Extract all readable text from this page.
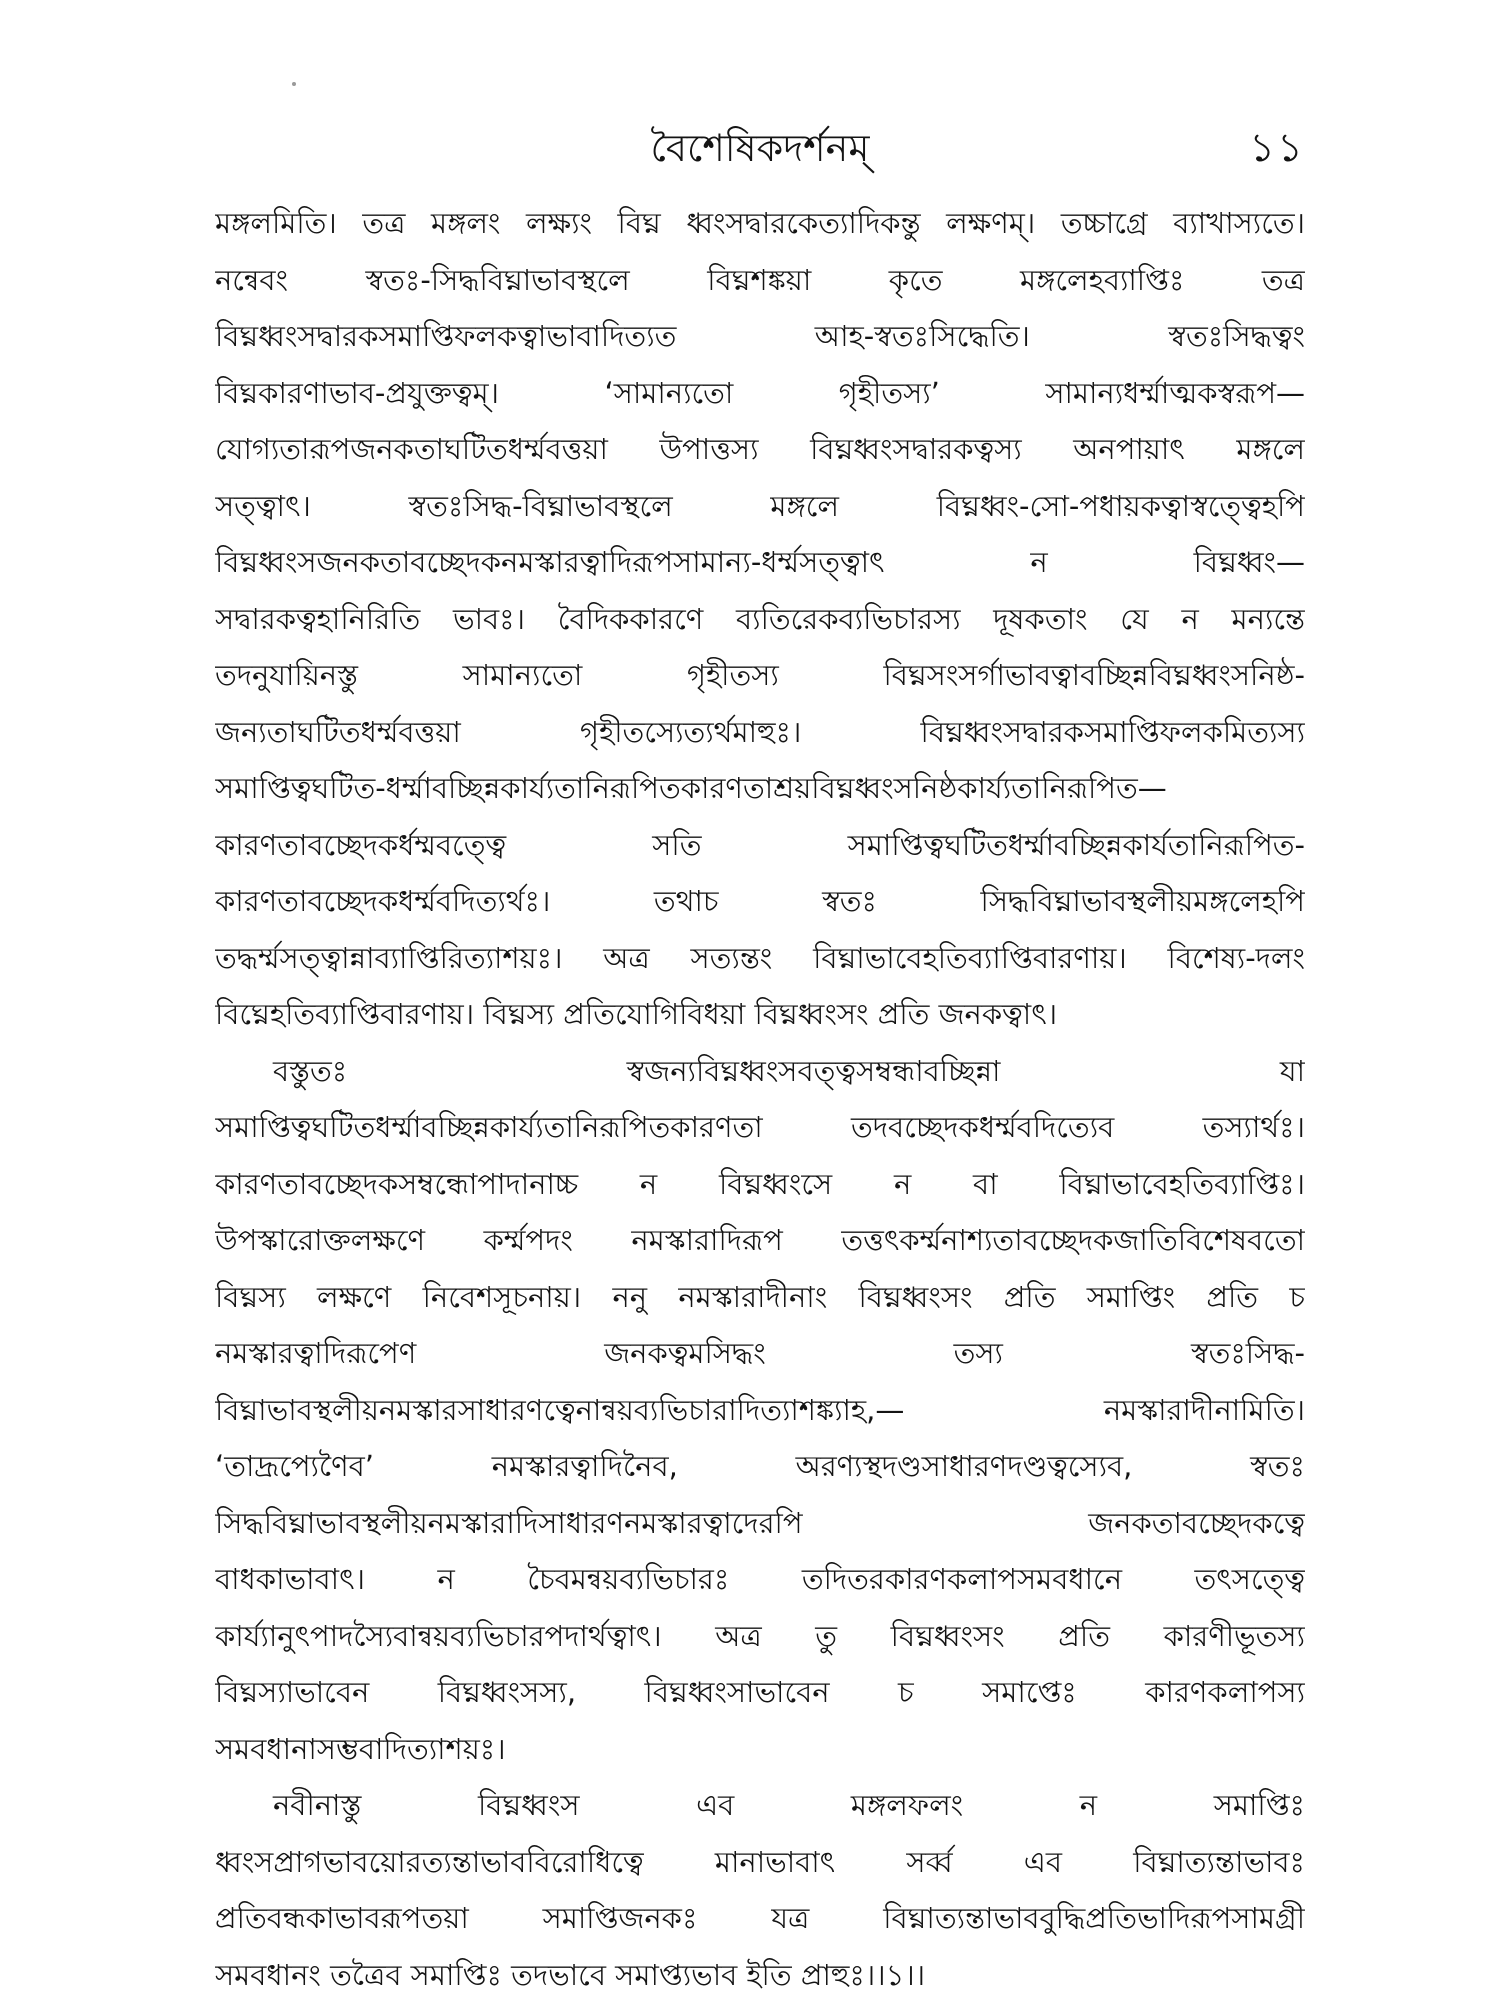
বৈশেষিকদর্শনম্	১১
মঙ্গলমিতি। তত্র মঙ্গলং লক্ষ্যং বিঘ্ন ধ্বংসদ্বারকেত্যাদিকন্তু লক্ষণম্। তচ্চাগ্রে ব্যাখাস্যতে।
নন্বেবং স্বতঃ-সিদ্ধবিঘ্নাভাবস্থলে বিঘ্নশঙ্কয়া কৃতে মঙ্গলেহব্যাপ্তিঃ তত্র
বিঘ্নধ্বংসদ্বারকসমাপ্তিফলকত্বাভাবাদিত্যত আহ-স্বতঃসিদ্ধেতি। স্বতঃসিদ্ধত্বং
বিঘ্নকারণাভাব-প্রযুক্তত্বম্। ‘সামান্যতো গৃহীতস্য’ সামান্যধর্ম্মাত্মকস্বরূপ—
যোগ্যতারূপজনকতাঘটিতধর্ম্মবত্তয়া উপাত্তস্য বিঘ্নধ্বংসদ্বারকত্বস্য অনপায়াৎ মঙ্গলে
সত্ত্বাৎ। স্বতঃসিদ্ধ-বিঘ্নাভাবস্থলে মঙ্গলে বিঘ্নধ্বং-সো-পধায়কত্বাস্বত্ত্বেহপি
বিঘ্নধ্বংসজনকতাবচ্ছেদকনমস্কারত্বাদিরূপসামান্য-ধর্ম্মসত্ত্বাৎ ন বিঘ্নধ্বং—
সদ্বারকত্বহানিরিতি ভাবঃ। বৈদিককারণে ব্যতিরেকব্যভিচারস্য দূষকতাং যে ন মন্যন্তে
তদনুযায়িনস্তু সামান্যতো গৃহীতস্য বিঘ্নসংসর্গাভাবত্বাবচ্ছিন্নবিঘ্নধ্বংসনিষ্ঠ-
জন্যতাঘটিতধর্ম্মবত্তয়া গৃহীতস্যেত্যর্থমাহুঃ। বিঘ্নধ্বংসদ্বারকসমাপ্তিফলকমিত্যস্য
সমাপ্তিত্বঘটিত-ধর্ম্মাবচ্ছিন্নকার্য্যতানিরূপিতকারণতাশ্রয়বিঘ্নধ্বংসনিষ্ঠকার্য্যতানিরূপিত—
কারণতাবচ্ছেদকর্ধম্মবত্ত্বে সতি সমাপ্তিত্বঘটিতধর্ম্মাবচ্ছিন্নকার্যতানিরূপিত-
কারণতাবচ্ছেদকধর্ম্মবদিত্যর্থঃ। তথাচ স্বতঃ সিদ্ধবিঘ্নাভাবস্থলীয়মঙ্গলেহপি
তদ্ধর্ম্মসত্ত্বান্নাব্যাপ্তিরিত্যাশয়ঃ। অত্র সত্যন্তং বিঘ্নাভাবেহতিব্যাপ্তিবারণায়। বিশেষ্য-দলং
বিঘ্নেহতিব্যাপ্তিবারণায়। বিঘ্নস্য প্রতিযোগিবিধয়া বিঘ্নধ্বংসং প্রতি জনকত্বাৎ।
বস্তুতঃ স্বজন্যবিঘ্নধ্বংসবত্ত্বসম্বন্ধাবচ্ছিন্না যা
সমাপ্তিত্বঘটিতধর্ম্মাবচ্ছিন্নকার্য্যতানিরূপিতকারণতা তদবচ্ছেদকধর্ম্মবদিত্যেব তস্যার্থঃ।
কারণতাবচ্ছেদকসম্বন্ধোপাদানাচ্চ ন বিঘ্নধ্বংসে ন বা বিঘ্নাভাবেহতিব্যাপ্তিঃ।
উপস্কারোক্তলক্ষণে কর্ম্মপদং নমস্কারাদিরূপ তত্তৎকর্ম্মনাশ্যতাবচ্ছেদকজাতিবিশেষবতো
বিঘ্নস্য লক্ষণে নিবেশসূচনায়। ননু নমস্কারাদীনাং বিঘ্নধ্বংসং প্রতি সমাপ্তিং প্রতি চ
নমস্কারত্বাদিরূপেণ জনকত্বমসিদ্ধং তস্য স্বতঃসিদ্ধ-
বিঘ্নাভাবস্থলীয়নমস্কারসাধারণত্বেনান্বয়ব্যভিচারাদিত্যাশঙ্ক্যাহ,— নমস্কারাদীনামিতি।
‘তাদ্রূপ্যেণৈব’ নমস্কারত্বাদিনৈব, অরণ্যস্থদণ্ডসাধারণদণ্ডত্বস্যেব, স্বতঃ
সিদ্ধবিঘ্নাভাবস্থলীয়নমস্কারাদিসাধারণনমস্কারত্বাদেরপি জনকতাবচ্ছেদকত্বে
বাধকাভাবাৎ। ন চৈবমন্বয়ব্যভিচারঃ তদিতরকারণকলাপসমবধানে তৎসত্ত্বে
কার্য্যানুৎপাদস্যৈবান্বয়ব্যভিচারপদার্থত্বাৎ। অত্র তু বিঘ্নধ্বংসং প্রতি কারণীভূতস্য
বিঘ্নস্যাভাবেন বিঘ্নধ্বংসস্য, বিঘ্নধ্বংসাভাবেন চ সমাপ্তেঃ কারণকলাপস্য
সমবধানাসম্ভবাদিত্যাশয়ঃ।
নবীনাস্তু বিঘ্নধ্বংস এব মঙ্গলফলং ন সমাপ্তিঃ
ধ্বংসপ্রাগভাবয়োরত্যন্তাভাববিরোধিত্বে মানাভাবাৎ সর্ব্ব এব বিঘ্নাত্যন্তাভাবঃ
প্রতিবন্ধকাভাবরূপতয়া সমাপ্তিজনকঃ যত্র বিঘ্নাত্যন্তাভাববুদ্ধিপ্রতিভাদিরূপসামগ্রী
সমবধানং তত্রৈব সমাপ্তিঃ তদভাবে সমাপ্ত্যভাব ইতি প্রাহুঃ।।১।।
